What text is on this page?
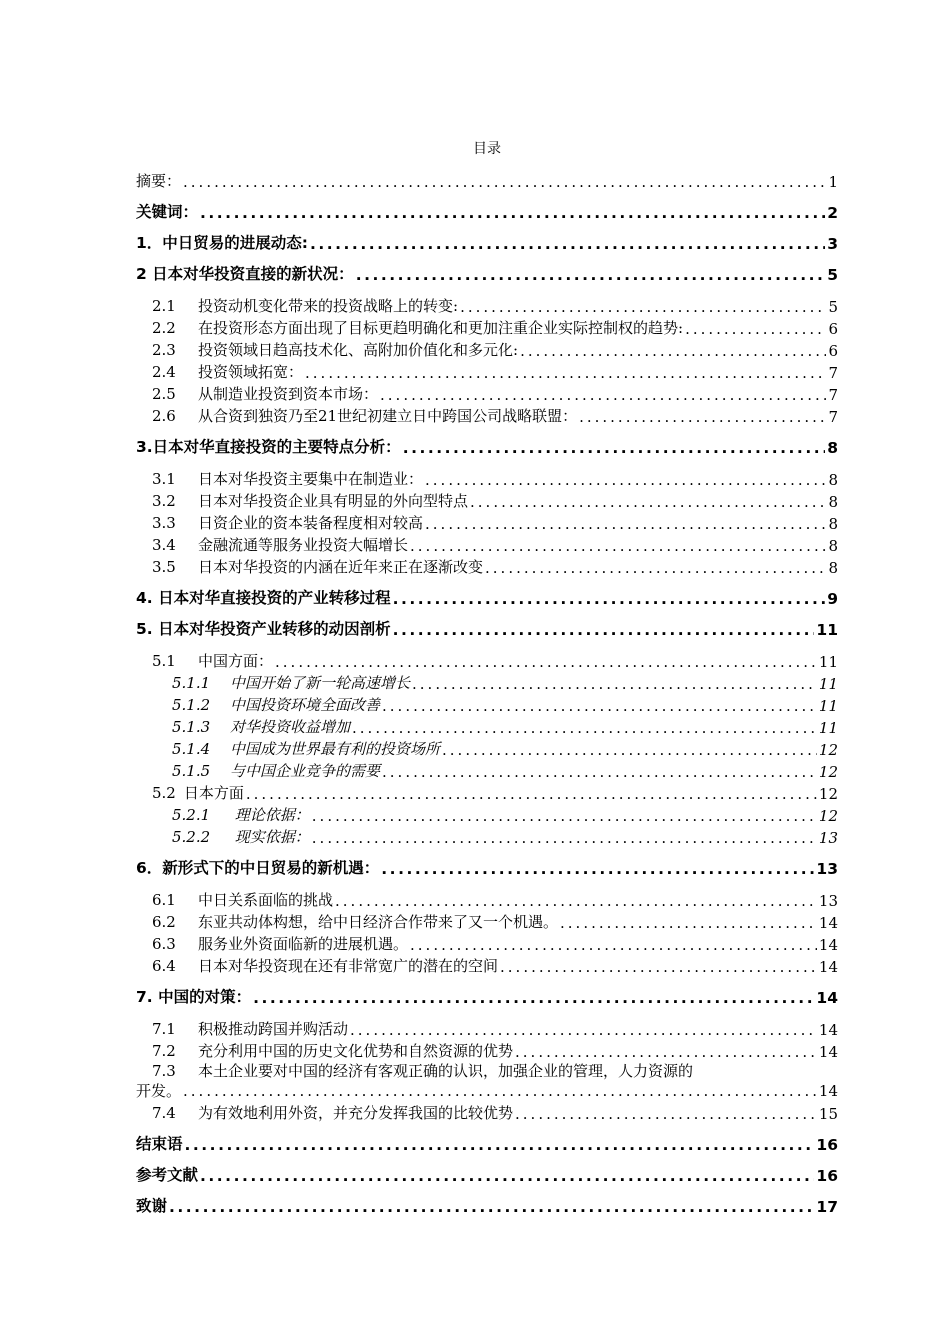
目录
摘要： .....	1
关键词： .....	2
1．中日贸易的进展动态: .....	3
2 日本对华投资直接的新状况： .....	5
2.1 投资动机变化带来的投资战略上的转变: .....	5
2.2 在投资形态方面出现了目标更趋明确化和更加注重企业实际控制权的趋势: .....	6
2.3 投资领域日趋高技术化、高附加价值化和多元化: .....	6
2.4 投资领域拓宽： .....	7
2.5 从制造业投资到资本市场： .....	7
2.6 从合资到独资乃至21世纪初建立日中跨国公司战略联盟： .....	7
3.日本对华直接投资的主要特点分析： .....	8
3.1 日本对华投资主要集中在制造业： .....	8
3.2 日本对华投资企业具有明显的外向型特点 .....	8
3.3 日资企业的资本装备程度相对较高 .....	8
3.4 金融流通等服务业投资大幅增长 .....	8
3.5 日本对华投资的内涵在近年来正在逐渐改变 .....	8
4. 日本对华直接投资的产业转移过程 .....	9
5. 日本对华投资产业转移的动因剖析 .....	11
5.1 中国方面： .....	11
5.1.1 中国开始了新一轮高速增长 .....	11
5.1.2 中国投资环境全面改善 .....	11
5.1.3 对华投资收益增加 .....	11
5.1.4 中国成为世界最有利的投资场所 .....	12
5.1.5 与中国企业竞争的需要 .....	12
5.2 日本方面 .....	12
5.2.1 理论依据： .....	12
5.2.2 现实依据： .....	13
6．新形式下的中日贸易的新机遇： .....	13
6.1 中日关系面临的挑战 .....	13
6.2 东亚共动体构想，给中日经济合作带来了又一个机遇。 .....	14
6.3 服务业外资面临新的进展机遇。 .....	14
6.4 日本对华投资现在还有非常宽广的潜在的空间 .....	14
7. 中国的对策： .....	14
7.1 积极推动跨国并购活动 .....	14
7.2 充分利用中国的历史文化优势和自然资源的优势 .....	14
7.3 本土企业要对中国的经济有客观正确的认识，加强企业的管理，人力资源的
开发。 .....	14
7.4 为有效地利用外资，并充分发挥我国的比较优势 .....	15
结束语 .....	16
参考文献 .....	16
致谢 .....	17
